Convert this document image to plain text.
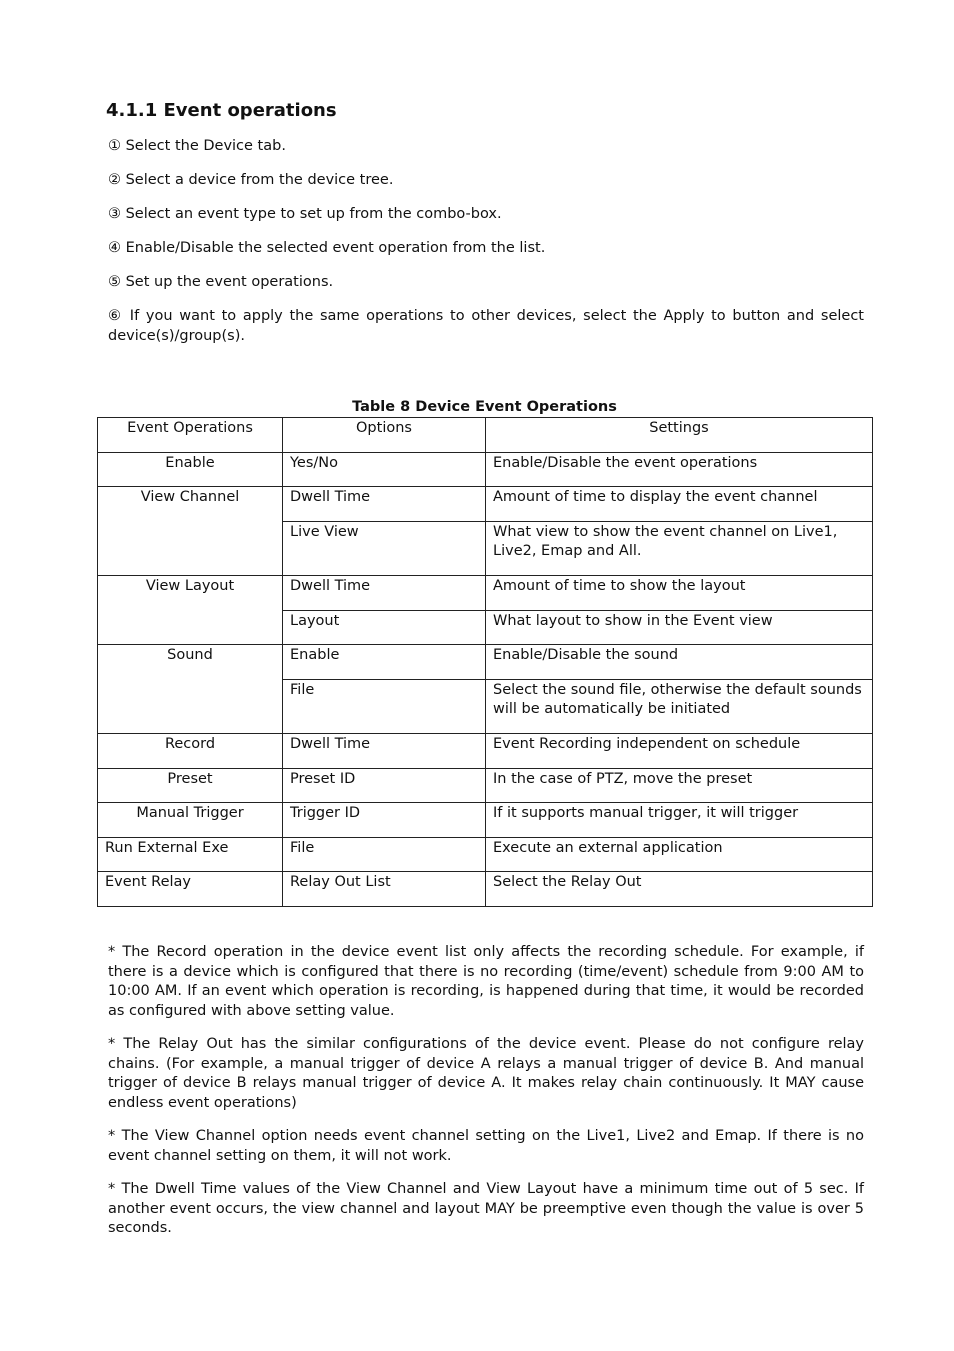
4.1.1 Event operations

① Select the Device tab.

② Select a device from the device tree.

③ Select an event type to set up from the combo-box.

④ Enable/Disable the selected event operation from the list.

⑤ Set up the event operations.

⑥ If you want to apply the same operations to other devices, select the Apply to button and select device(s)/group(s).

Table 8 Device Event Operations
Event Operations	Options	Settings
Enable	Yes/No	Enable/Disable the event operations
View Channel	Dwell Time	Amount of time to display the event channel
	Live View	What view to show the event channel on Live1, Live2, Emap and All.
View Layout	Dwell Time	Amount of time to show the layout
	Layout	What layout to show in the Event view
Sound	Enable	Enable/Disable the sound
	File	Select the sound file, otherwise the default sounds will be automatically be initiated
Record	Dwell Time	Event Recording independent on schedule
Preset	Preset ID	In the case of PTZ, move the preset
Manual Trigger	Trigger ID	If it supports manual trigger, it will trigger
Run External Exe	File	Execute an external application
Event Relay	Relay Out List	Select the Relay Out

* The Record operation in the device event list only affects the recording schedule. For example, if there is a device which is configured that there is no recording (time/event) schedule from 9:00 AM to 10:00 AM. If an event which operation is recording, is happened during that time, it would be recorded as configured with above setting value.

* The Relay Out has the similar configurations of the device event. Please do not configure relay chains. (For example, a manual trigger of device A relays a manual trigger of device B. And manual trigger of device B relays manual trigger of device A. It makes relay chain continuously. It MAY cause endless event operations)

* The View Channel option needs event channel setting on the Live1, Live2 and Emap. If there is no event channel setting on them, it will not work.

* The Dwell Time values of the View Channel and View Layout have a minimum time out of 5 sec. If another event occurs, the view channel and layout MAY be preemptive even though the value is over 5 seconds.
